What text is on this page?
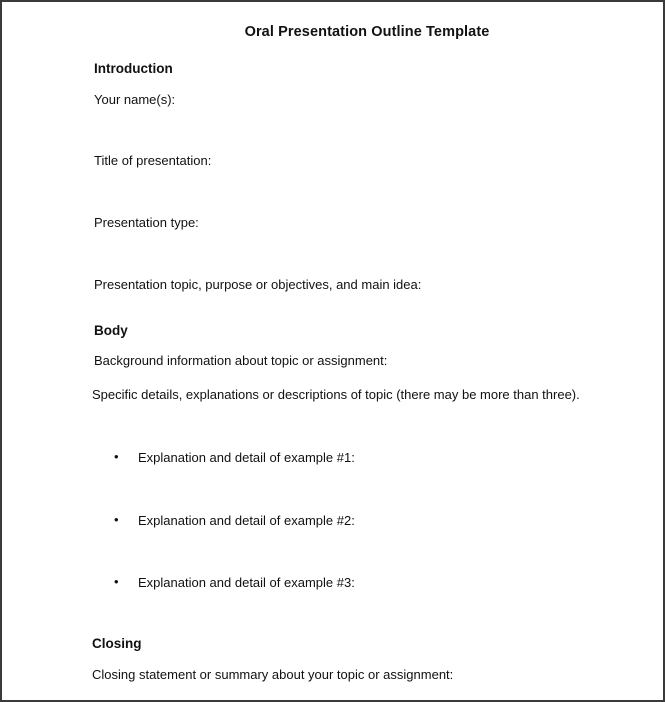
Oral Presentation Outline Template
Introduction
Your name(s):
Title of presentation:
Presentation type:
Presentation topic, purpose or objectives, and main idea:
Body
Background information about topic or assignment:
Specific details, explanations or descriptions of topic (there may be more than three).
• Explanation and detail of example #1:
• Explanation and detail of example #2:
• Explanation and detail of example #3:
Closing
Closing statement or summary about your topic or assignment:
